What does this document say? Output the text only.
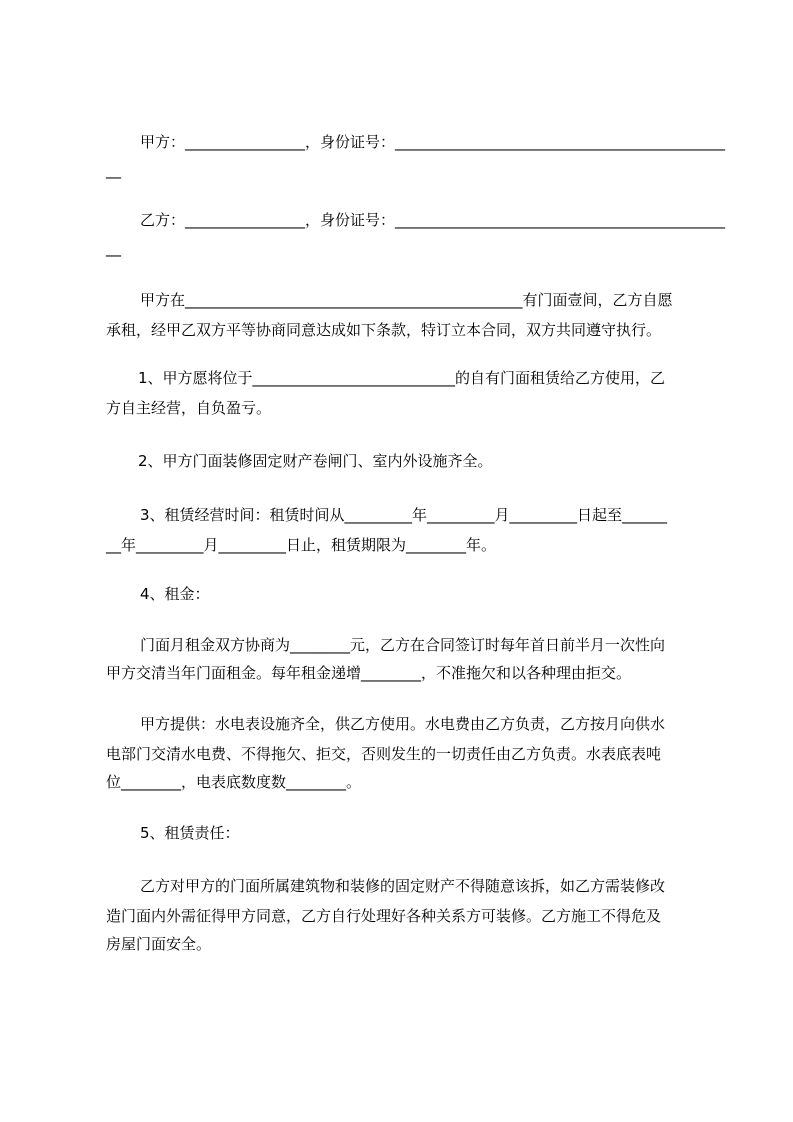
甲方：________________，身份证号：____________________________________________
__
乙方：________________，身份证号：____________________________________________
__
甲方在_____________________________________________有门面壹间，乙方自愿
承租，经甲乙双方平等协商同意达成如下条款，特订立本合同，双方共同遵守执行。
1、甲方愿将位于___________________________的自有门面租赁给乙方使用，乙
方自主经营，自负盈亏。
2、甲方门面装修固定财产卷闸门、室内外设施齐全。
3、租赁经营时间：租赁时间从_________年_________月_________日起至______
__年_________月_________日止，租赁期限为________年。
4、租金：
门面月租金双方协商为________元，乙方在合同签订时每年首日前半月一次性向
甲方交清当年门面租金。每年租金递增________，不准拖欠和以各种理由拒交。
甲方提供：水电表设施齐全，供乙方使用。水电费由乙方负责，乙方按月向供水
电部门交清水电费、不得拖欠、拒交，否则发生的一切责任由乙方负责。水表底表吨
位________，电表底数度数________。
5、租赁责任：
乙方对甲方的门面所属建筑物和装修的固定财产不得随意该拆，如乙方需装修改
造门面内外需征得甲方同意，乙方自行处理好各种关系方可装修。乙方施工不得危及
房屋门面安全。
